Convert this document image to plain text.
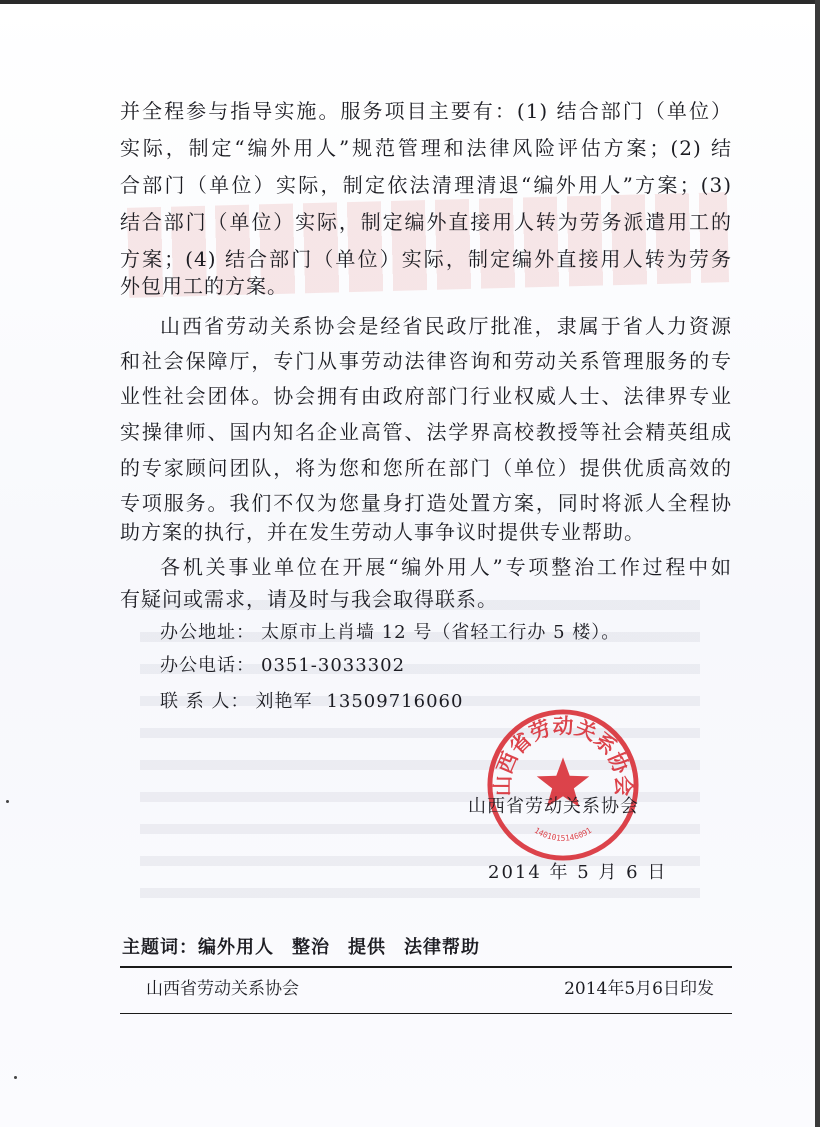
并全程参与指导实施。服务项目主要有：(1) 结合部门（单位）

实际，制定“编外用人”规范管理和法律风险评估方案；(2) 结

合部门（单位）实际，制定依法清理清退“编外用人”方案；(3)

结合部门（单位）实际，制定编外直接用人转为劳务派遣用工的

方案；(4) 结合部门（单位）实际，制定编外直接用人转为劳务

外包用工的方案。

山西省劳动关系协会是经省民政厅批准，隶属于省人力资源

和社会保障厅，专门从事劳动法律咨询和劳动关系管理服务的专

业性社会团体。协会拥有由政府部门行业权威人士、法律界专业

实操律师、国内知名企业高管、法学界高校教授等社会精英组成

的专家顾问团队，将为您和您所在部门（单位）提供优质高效的

专项服务。我们不仅为您量身打造处置方案，同时将派人全程协

助方案的执行，并在发生劳动人事争议时提供专业帮助。

各机关事业单位在开展“编外用人”专项整治工作过程中如

有疑问或需求，请及时与我会取得联系。

办公地址： 太原市上肖墙 12 号（省轻工行办 5 楼）。
办公电话： 0351-3033302
联 系 人： 刘艳军 13509716060
山西省劳动关系协会
1401015146091
山西省劳动关系协会
2014 年 5 月 6 日
主题词：编外用人 整治 提供 法律帮助
山西省劳动关系协会	2014年5月6日印发
